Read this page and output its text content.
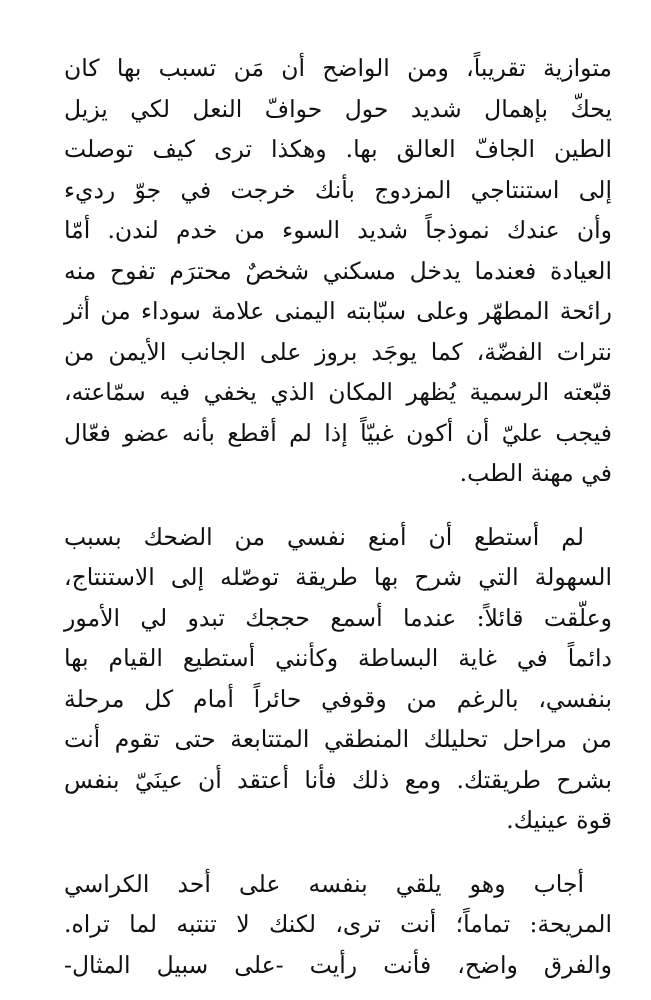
متوازية تقريباً، ومن الواضح أن مَن تسبب بها كان
يحكّ بإهمال شديد حول حوافّ النعل لكي يزيل
الطين الجافّ العالق بها. وهكذا ترى كيف توصلت
إلى استنتاجي المزدوج بأنك خرجت في جوّ رديء
وأن عندك نموذجاً شديد السوء من خدم لندن. أمّا
العيادة فعندما يدخل مسكني شخصٌ محترَم تفوح منه
رائحة المطهّر وعلى سبّابته اليمنى علامة سوداء من أثر
نترات الفضّة، كما يوجَد بروز على الجانب الأيمن من
قبّعته الرسمية يُظهر المكان الذي يخفي فيه سمّاعته،
فيجب عليّ أن أكون غبيّاً إذا لم أقطع بأنه عضو فعّال
في مهنة الطب.
لم أستطع أن أمنع نفسي من الضحك بسبب
السهولة التي شرح بها طريقة توصّله إلى الاستنتاج،
وعلّقت قائلاً: عندما أسمع حججك تبدو لي الأمور
دائماً في غاية البساطة وكأنني أستطيع القيام بها
بنفسي، بالرغم من وقوفي حائراً أمام كل مرحلة
من مراحل تحليلك المنطقي المتتابعة حتى تقوم أنت
بشرح طريقتك. ومع ذلك فأنا أعتقد أن عينَيّ بنفس
قوة عينيك.
أجاب وهو يلقي بنفسه على أحد الكراسي
المريحة: تماماً؛ أنت ترى، لكنك لا تنتبه لما تراه.
والفرق واضح، فأنت رأيت -على سبيل المثال-
